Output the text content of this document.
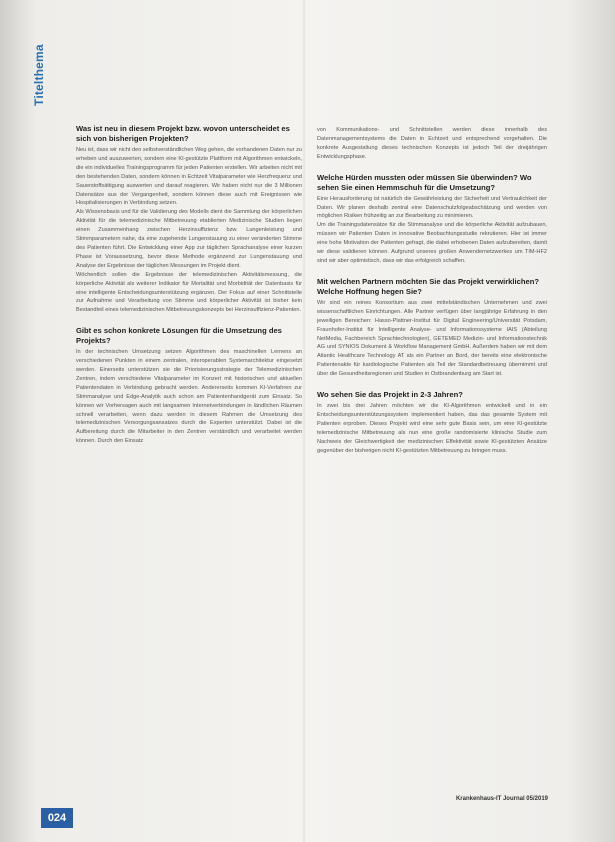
Titelthema
Was ist neu in diesem Projekt bzw. wovon unterscheidet es sich von bisherigen Projekten?

Neu ist, dass wir nicht den selbstverständlichen Weg gehen, die vorhandenen Daten nur zu erheben und auszuwerten, sondern eine KI-gestützte Plattform mit Algorithmen entwickeln, die ein individuelles Trainingsprogramm für jeden Patienten erstellen. Wir arbeiten nicht mit den bestehenden Daten, sondern können in Echtzeit Vitalparameter wie Herzfrequenz und Sauerstoffsättigung auswerten und darauf reagieren. Wir haben nicht nur die 3 Millionen Datensätze aus der Vergangenheit, sondern können diese auch mit Ereignissen wie Hospitalisierungen in Verbindung setzen.

Als Wissensbasis und für die Validierung des Modells dient die Sammlung der körperlichen Aktivität für die telemedizinische Mitbetreuung etablierten Medizinische Studien liegen einen Zusammenhang zwischen Herzinsuffizienz bzw. Lungenleistung und Stimmparametern nahe, da eine zugehende Lungenstauung zu einer veränderten Stimme des Patienten führt. Die Entwicklung einer App zur täglichen Sprachanalyse einer kurzen Phase ist Voraussetzung, bevor diese Methode ergänzend zur Lungenstauung und Analyse der Ergebnisse der täglichen Messungen im Projekt dient.

Wöchentlich sollen die Ergebnisse der telemedizinischen Aktivitätsmessung, die körperliche Aktivität als weiterer Indikator für Mortalität und Morbidität der Datenbasis für eine intelligente Entscheidungsunterstützung ergänzen. Der Fokus auf einer Schnittstelle zur Aufnahme und Verarbeitung von Stimme und körperlicher Aktivität ist bisher kein Bestandteil eines telemedizinischen Mitbetreuungskonzepts bei Herzinsuffizienz-Patienten.

Gibt es schon konkrete Lösungen für die Umsetzung des Projekts?

In der technischen Umsetzung setzen Algorithmen des maschinellen Lernens an verschiedenen Punkten in einem zentralen, interoperablen Systemarchitektur eingesetzt werden. Einerseits unterstützen sie die Priorisierungsstrategie der Telemedizinischen Zentren, indem verschiedene Vitalparameter im Konzert mit historischen und aktuellen Patientendaten in Verbindung gebracht werden. Andererseits kommen KI-Verfahren zur Stimmanalyse und Edge-Analytik auch schon am Patientenhandgerät zum Einsatz. So können wir Vorhersagen auch mit langsamen Internetverbindungen in ländlichen Räumen schnell verarbeiten, wenn dazu werden in diesem Rahmen die Umsetzung des telemedizinischen Versorgungsansatzes durch die Experten unterstützt. Dabei ist die Aufbereitung durch die Mitarbeiter in den Zentren verständlich und verarbeitet werden können. Durch den Einsatz

von Kommunikations- und Schnittstellen werden diese innerhalb des Datenmanagementsystems die Daten in Echtzeit und entsprechend vorgehalten. Die konkrete Ausgestaltung dieses technischen Konzepts ist jedoch Teil der dreijährigen Entwicklungsphase.

Welche Hürden mussten oder müssen Sie überwinden? Wo sehen Sie einen Hemmschuh für die Umsetzung?

Eine Herausforderung ist natürlich die Gewährleistung der Sicherheit und Vertraulichkeit der Daten. Wir planen deshalb zentral eine Datenschutzfolgeabschätzung und werden von möglichen Risiken frühzeitig an zur Bearbeitung zu minimieren.

Um die Trainingsdatensätze für die Stimmanalyse und die körperliche Aktivität aufzubauen, müssen wir Patienten Daten in innovative Beobachtungsstudie rekrutieren. Hier ist immer eine hohe Motivation der Patienten gefragt, die dabei erhobenen Daten aufzubereiten, damit wir diese validieren können. Aufgrund unseres großen Anwendernetzwerkes um TIM-HF2 sind wir aber optimistisch, dass wir das erfolgreich schaffen.

Mit welchen Partnern möchten Sie das Projekt verwirklichen? Welche Hoffnung hegen Sie?

Wir sind ein reines Konsortium aus zwei mittelständischen Unternehmen und zwei wissenschaftlichen Einrichtungen. Alle Partner verfügen über langjährige Erfahrung in den jeweiligen Bereichen: Hasso-Plattner-Institut für Digital Engineering/Universität Potsdam, Fraunhofer-Institut für Intelligente Analyse- und Informationssysteme IAIS (Abteilung NetMedia, Fachbereich Sprachtechnologien), GETEMED Medizin- und Informationstechnik AG und SYNIOS Dokument & Workflow Management GmbH. Außerdem haben wir mit dem Atlantic Healthcare Technology AT als ein Partner an Bord, der bereits eine elektronische Patientenakte für kardiologische Patienten als Teil der Standardbetreuung übernimmt und über die Gesundheitsregionen und Studien in Ostbrandenburg am Start ist.

Wo sehen Sie das Projekt in 2-3 Jahren?

In zwei bis drei Jahren möchten wir die KI-Algorithmen entwickelt und in ein Entscheidungsunterstützungssystem implementiert haben, das das gesamte System mit Patienten erproben. Dieses Projekt wird eine sehr gute Basis sein, um eine KI-gestützte telemedizinische Mitbetreuung als nun eine große randomisierte klinische Studie zum Nachweis der Gleichwertigkeit der medizinischen Effektivität sowie KI-gestützten Ansätze gegenüber der bisherigen nicht KI-gestützten Mitbetreuung zu bringen muss.

Krankenhaus-IT Journal 05/2019
024
